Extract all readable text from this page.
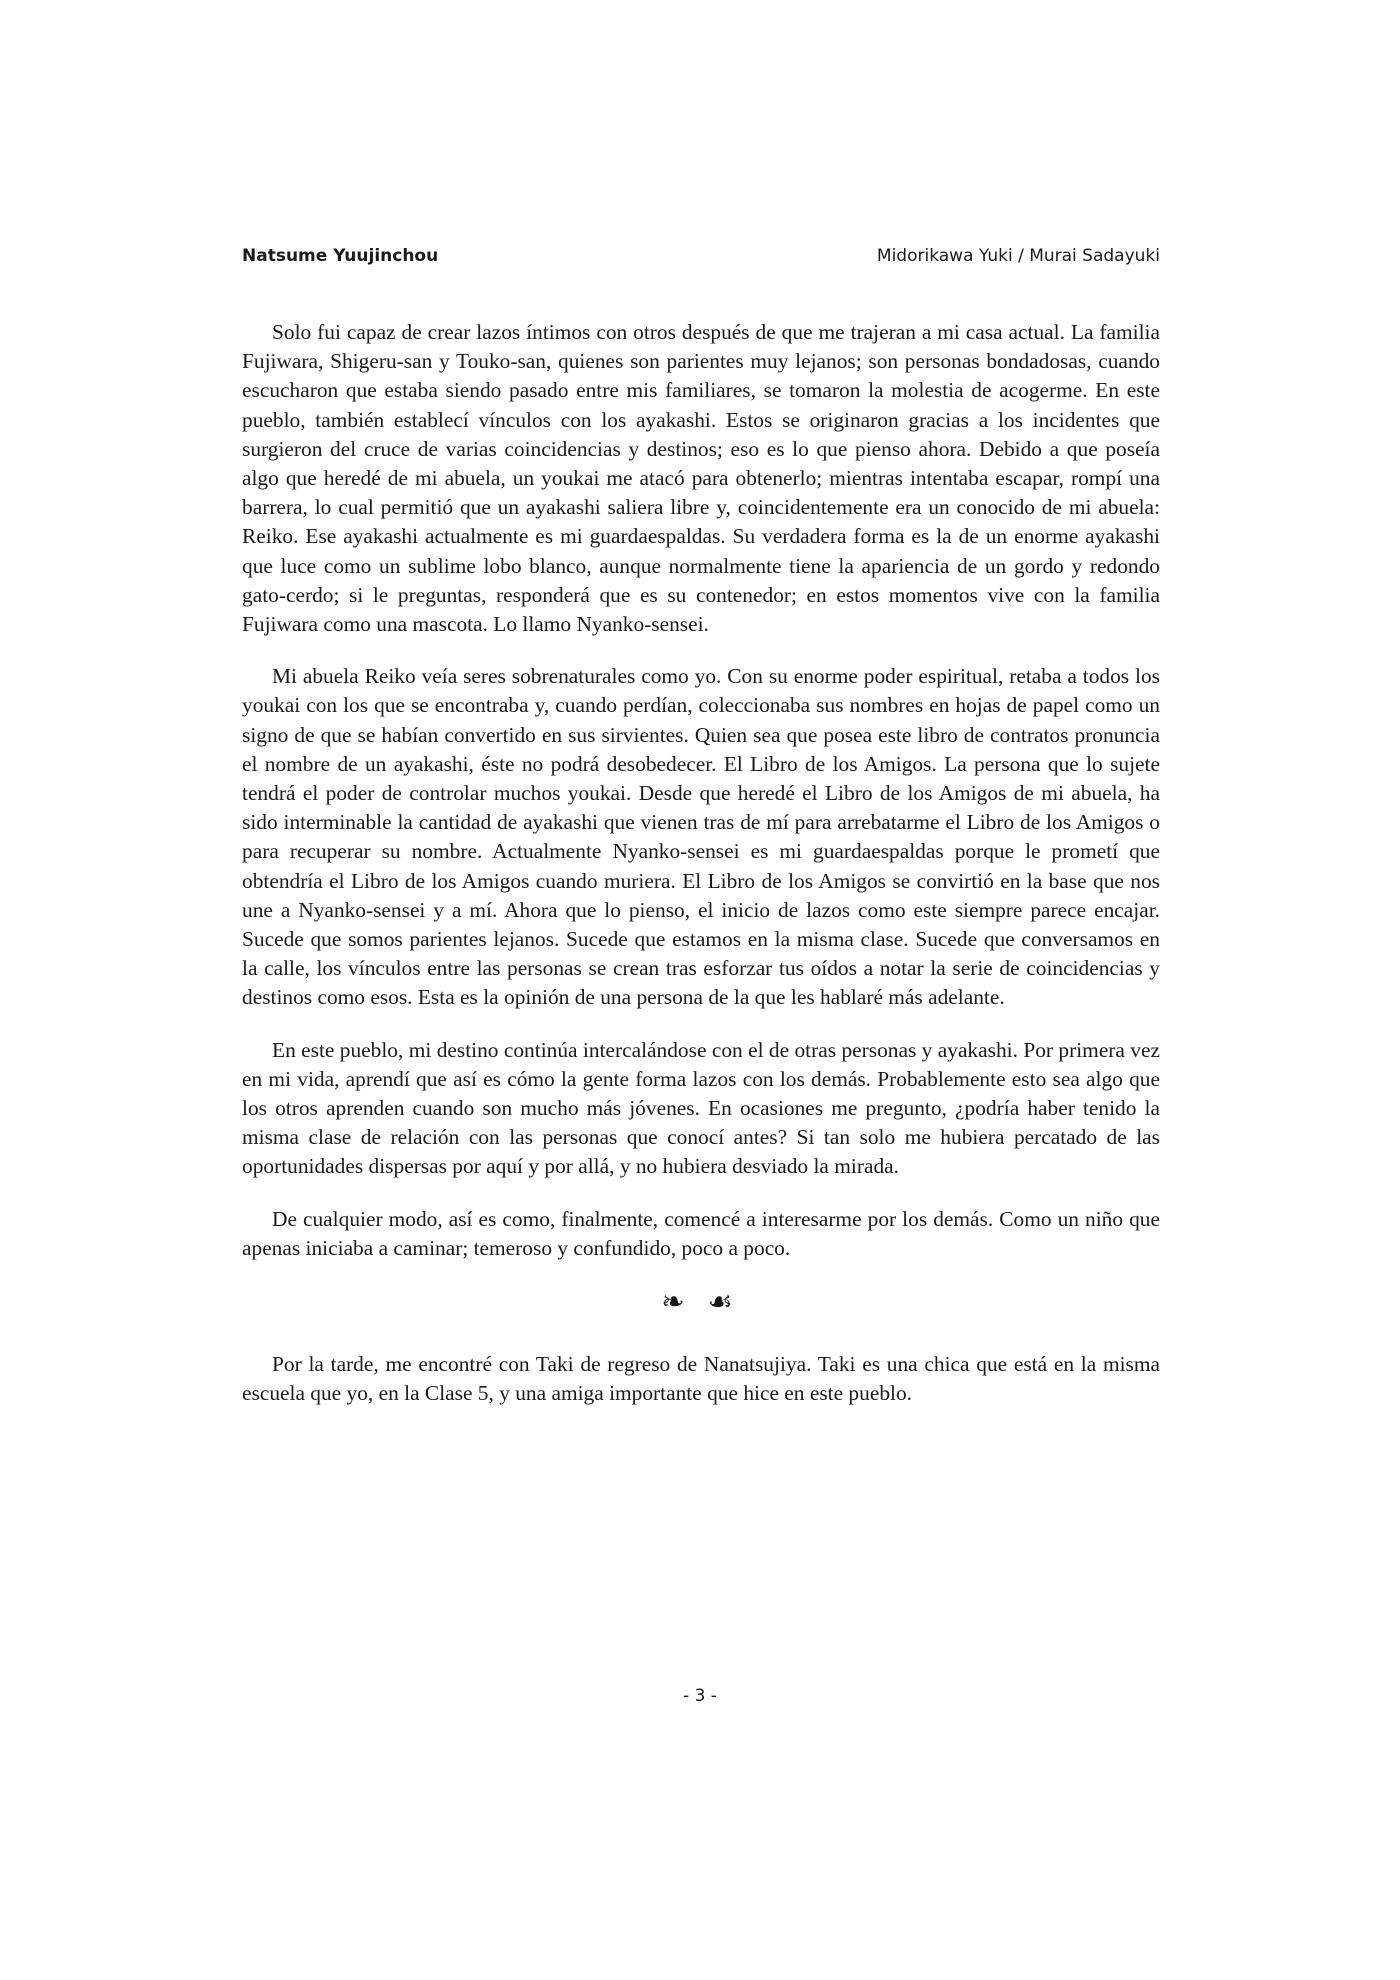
Natsume Yuujinchou	Midorikawa Yuki / Murai Sadayuki

Solo fui capaz de crear lazos íntimos con otros después de que me trajeran a mi casa actual. La familia Fujiwara, Shigeru-san y Touko-san, quienes son parientes muy lejanos; son personas bondadosas, cuando escucharon que estaba siendo pasado entre mis familiares, se tomaron la molestia de acogerme. En este pueblo, también establecí vínculos con los ayakashi. Estos se originaron gracias a los incidentes que surgieron del cruce de varias coincidencias y destinos; eso es lo que pienso ahora. Debido a que poseía algo que heredé de mi abuela, un youkai me atacó para obtenerlo; mientras intentaba escapar, rompí una barrera, lo cual permitió que un ayakashi saliera libre y, coincidentemente era un conocido de mi abuela: Reiko. Ese ayakashi actualmente es mi guardaespaldas. Su verdadera forma es la de un enorme ayakashi que luce como un sublime lobo blanco, aunque normalmente tiene la apariencia de un gordo y redondo gato-cerdo; si le preguntas, responderá que es su contenedor; en estos momentos vive con la familia Fujiwara como una mascota. Lo llamo Nyanko-sensei.

Mi abuela Reiko veía seres sobrenaturales como yo. Con su enorme poder espiritual, retaba a todos los youkai con los que se encontraba y, cuando perdían, coleccionaba sus nombres en hojas de papel como un signo de que se habían convertido en sus sirvientes. Quien sea que posea este libro de contratos pronuncia el nombre de un ayakashi, éste no podrá desobedecer. El Libro de los Amigos. La persona que lo sujete tendrá el poder de controlar muchos youkai. Desde que heredé el Libro de los Amigos de mi abuela, ha sido interminable la cantidad de ayakashi que vienen tras de mí para arrebatarme el Libro de los Amigos o para recuperar su nombre. Actualmente Nyanko-sensei es mi guardaespaldas porque le prometí que obtendría el Libro de los Amigos cuando muriera. El Libro de los Amigos se convirtió en la base que nos une a Nyanko-sensei y a mí. Ahora que lo pienso, el inicio de lazos como este siempre parece encajar. Sucede que somos parientes lejanos. Sucede que estamos en la misma clase. Sucede que conversamos en la calle, los vínculos entre las personas se crean tras esforzar tus oídos a notar la serie de coincidencias y destinos como esos. Esta es la opinión de una persona de la que les hablaré más adelante.

En este pueblo, mi destino continúa intercalándose con el de otras personas y ayakashi. Por primera vez en mi vida, aprendí que así es cómo la gente forma lazos con los demás. Probablemente esto sea algo que los otros aprenden cuando son mucho más jóvenes. En ocasiones me pregunto, ¿podría haber tenido la misma clase de relación con las personas que conocí antes? Si tan solo me hubiera percatado de las oportunidades dispersas por aquí y por allá, y no hubiera desviado la mirada.

De cualquier modo, así es como, finalmente, comencé a interesarme por los demás. Como un niño que apenas iniciaba a caminar; temeroso y confundido, poco a poco.

❧ ☙

Por la tarde, me encontré con Taki de regreso de Nanatsujiya. Taki es una chica que está en la misma escuela que yo, en la Clase 5, y una amiga importante que hice en este pueblo.

- 3 -
